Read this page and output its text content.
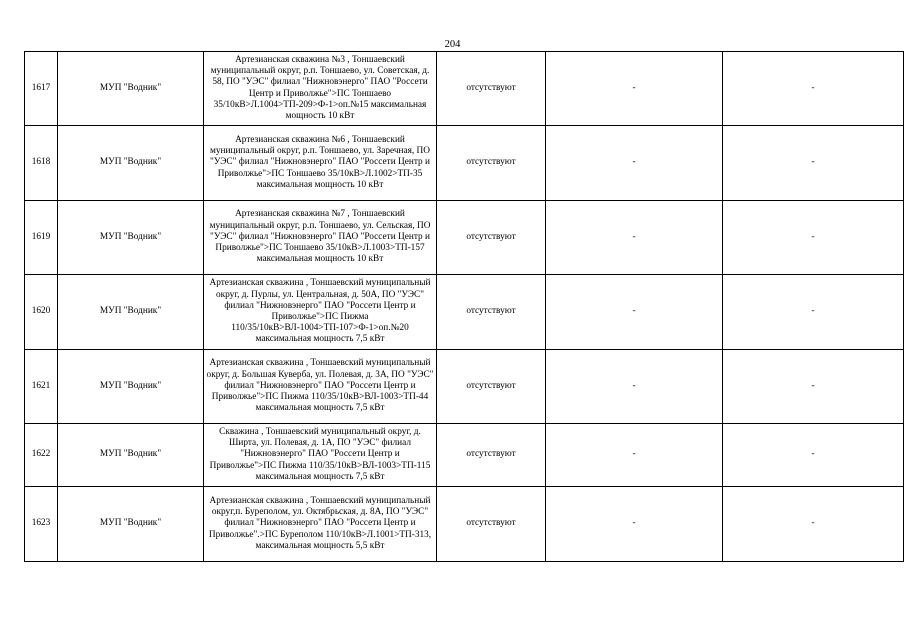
204
1617	МУП "Водник"	Артезианская скважина №3 , Тоншаевский муниципальный округ, р.п. Тоншаево, ул. Советская, д. 58, ПО "УЭС" филиал "Нижновэнерго" ПАО "Россети Центр и Приволжье">ПС Тоншаево 35/10кВ>Л.1004>ТП-209>Ф-1>оп.№15 максимальная мощность 10 кВт	отсутствуют	-	-
1618	МУП "Водник"	Артезианская скважина №6 , Тоншаевский муниципальный округ, р.п. Тоншаево, ул. Заречная, ПО "УЭС" филиал "Нижновэнерго" ПАО "Россети Центр и Приволжье">ПС Тоншаево 35/10кВ>Л.1002>ТП-35 максимальная мощность 10 кВт	отсутствуют	-	-
1619	МУП "Водник"	Артезианская скважина №7 , Тоншаевский муниципальный округ, р.п. Тоншаево, ул. Сельская, ПО "УЭС" филиал "Нижновэнерго" ПАО "Россети Центр и Приволжье">ПС Тоншаево 35/10кВ>Л.1003>ТП-157 максимальная мощность 10 кВт	отсутствуют	-	-
1620	МУП "Водник"	Артезианская скважина , Тоншаевский муниципальный округ, д. Пурлы, ул. Центральная, д. 50А, ПО "УЭС" филиал "Нижновэнерго" ПАО "Россети Центр и Приволжье">ПС Пижма 110/35/10кВ>ВЛ-1004>ТП-107>Ф-1>оп.№20 максимальная мощность 7,5 кВт	отсутствуют	-	-
1621	МУП "Водник"	Артезианская скважина , Тоншаевский муниципальный округ, д. Большая Куверба, ул. Полевая, д. 3А, ПО "УЭС" филиал "Нижновэнерго" ПАО "Россети Центр и Приволжье">ПС Пижма 110/35/10кВ>ВЛ-1003>ТП-44 максимальная мощность 7,5 кВт	отсутствуют	-	-
1622	МУП "Водник"	Скважина , Тоншаевский муниципальный округ, д. Ширта, ул. Полевая, д. 1А, ПО "УЭС" филиал "Нижновэнерго" ПАО "Россети Центр и Приволжье">ПС Пижма 110/35/10кВ>ВЛ-1003>ТП-115 максимальная мощность 7,5 кВт	отсутствуют	-	-
1623	МУП "Водник"	Артезианская скважина , Тоншаевский муниципальный округ,п. Буреполом, ул. Октябрьская, д. 8А, ПО "УЭС" филиал "Нижновэнерго" ПАО "Россети Центр и Приволжье".>ПС Буреполом 110/10кВ>Л.1001>ТП-313, максимальная мощность 5,5 кВт	отсутствуют	-	-
